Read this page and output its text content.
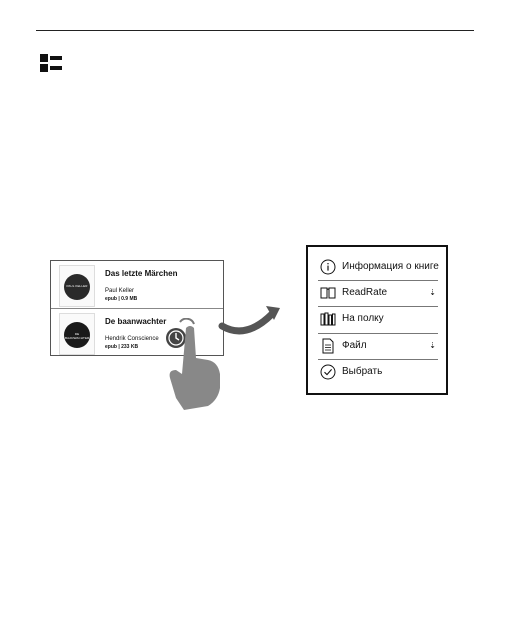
PAUL KELLER
Das letzte Märchen
Paul Keller
epub | 0.9 MB
DE BAANWACHTER
De baanwachter
Hendrik Conscience
epub | 233 KB
Информация о книге
ReadRate	⇣
На полку
Файл	⇣
Выбрать
